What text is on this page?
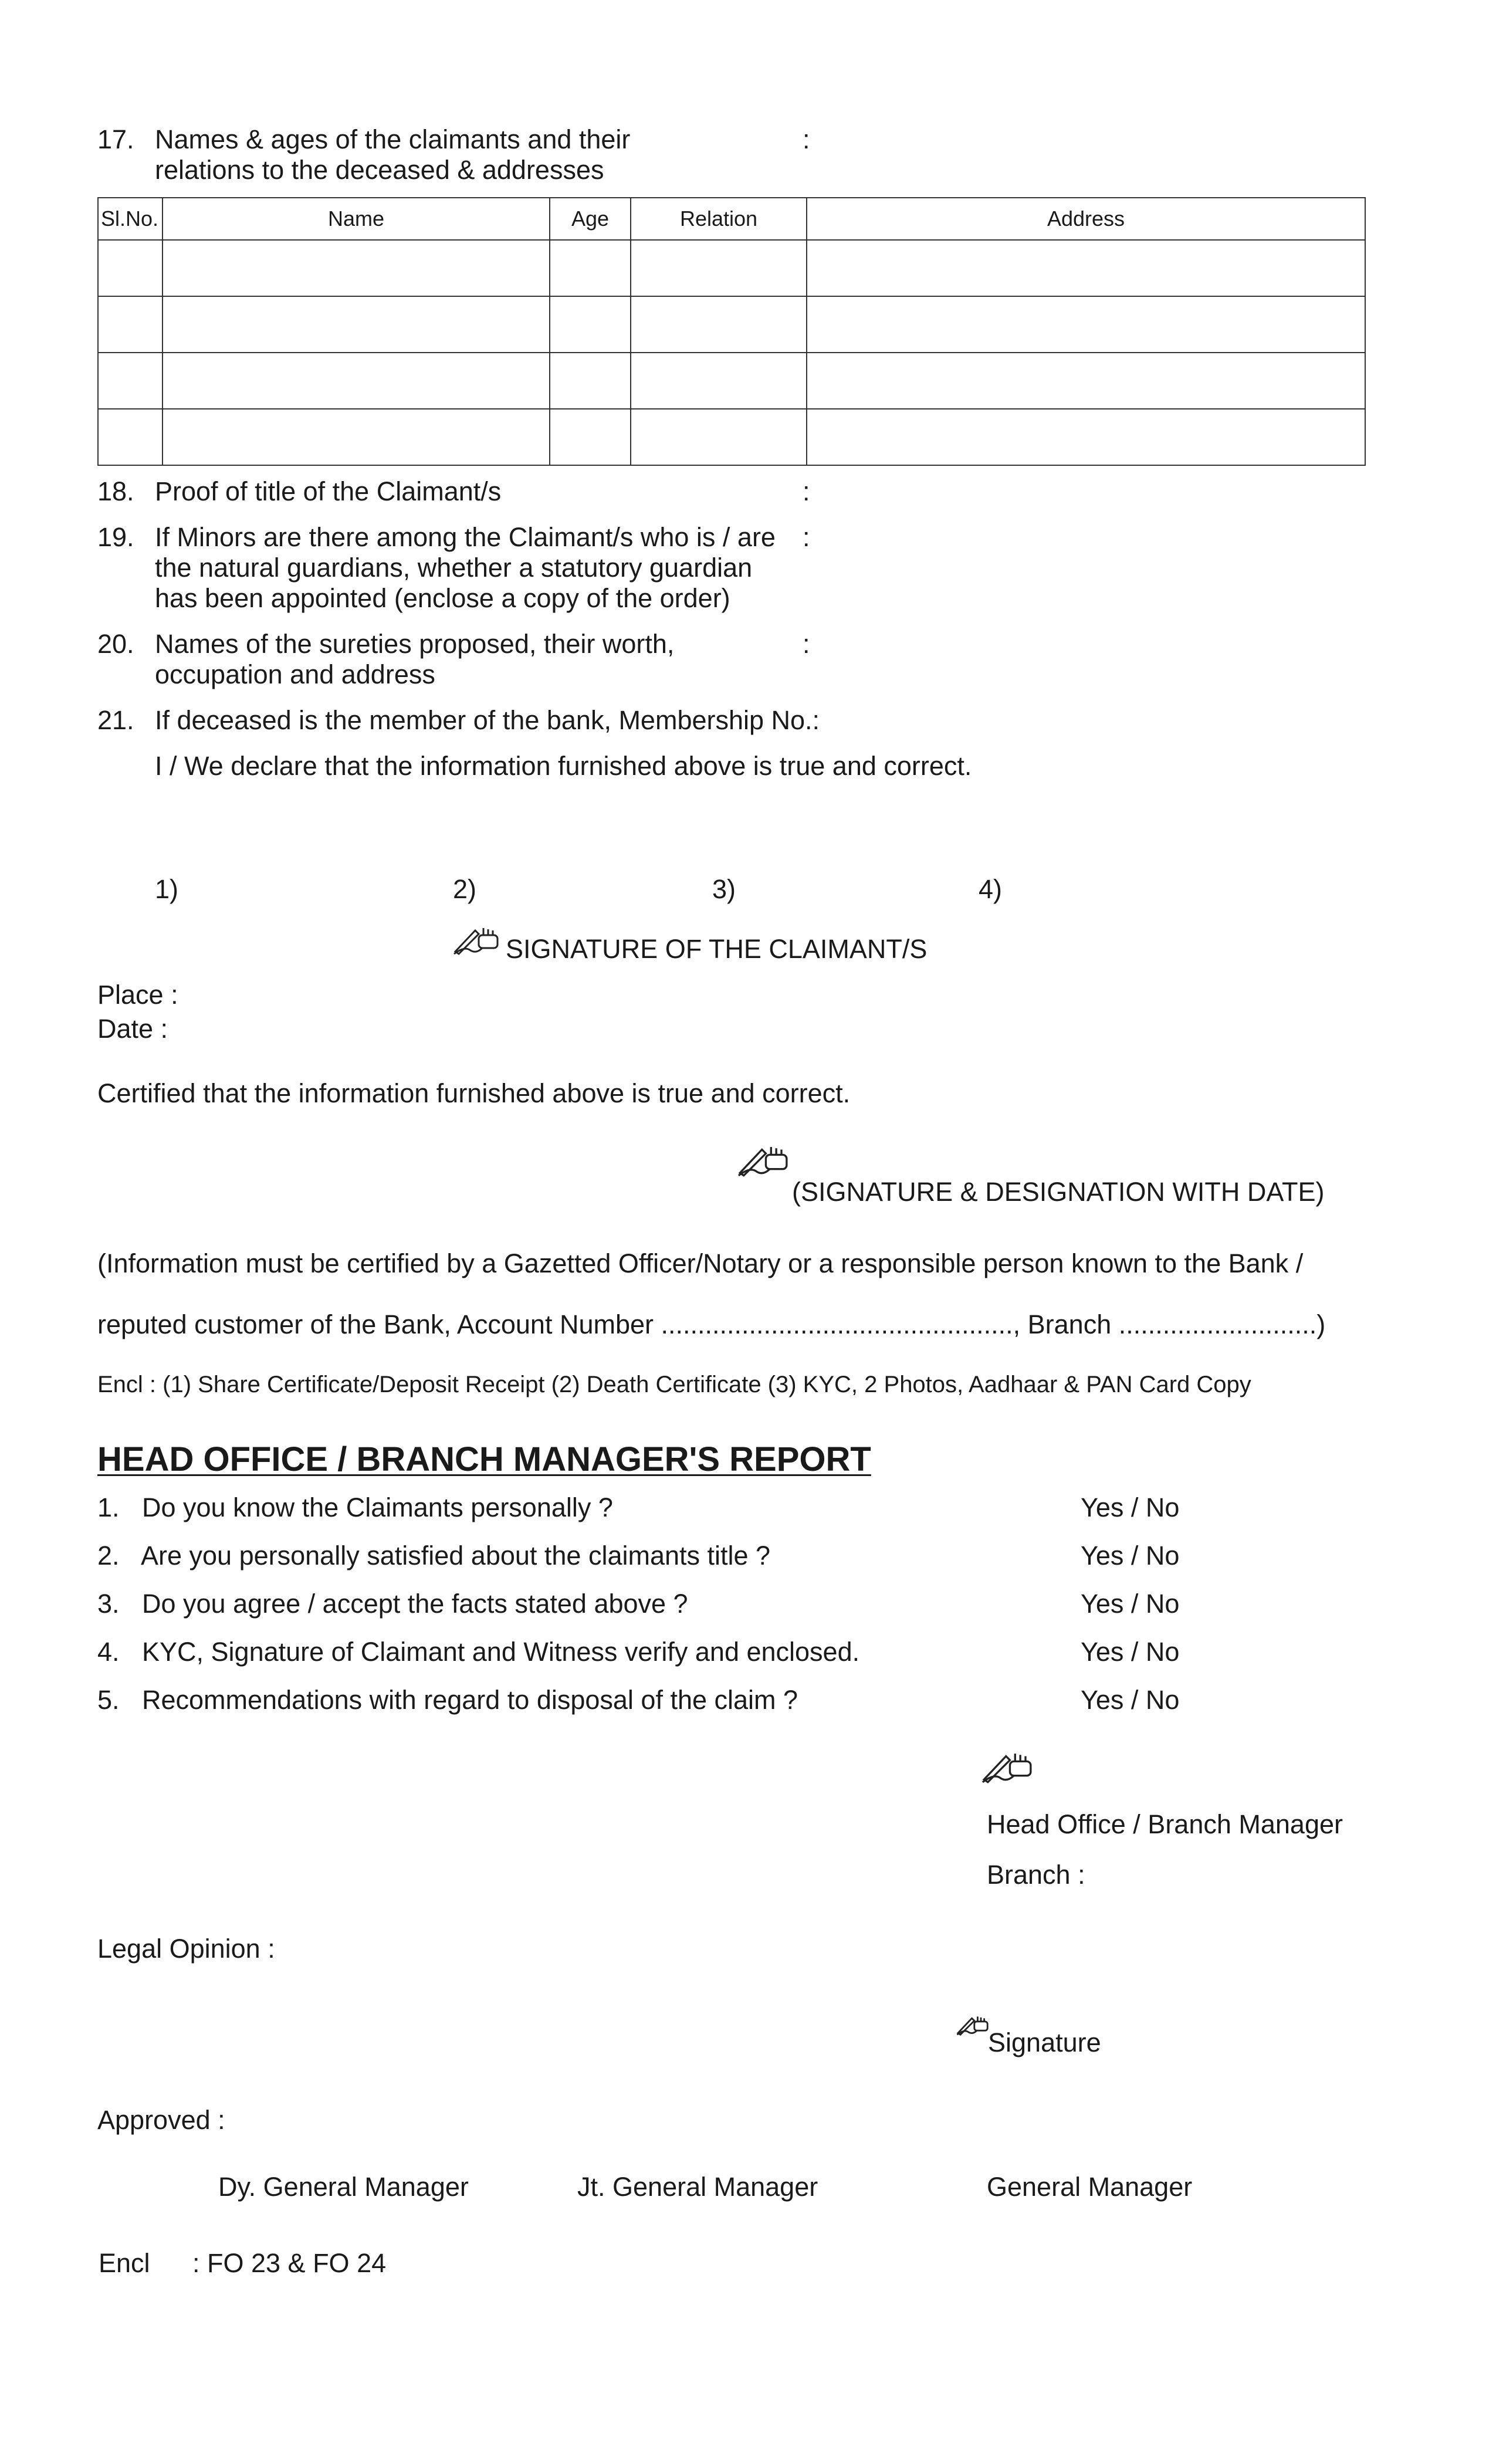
17. Names & ages of the claimants and their
relations to the deceased & addresses
:
Sl.No.	Name	Age	Relation	Address

18. Proof of title of the Claimant/s	:
19. If Minors are there among the Claimant/s who is / are
the natural guardians, whether a statutory guardian
has been appointed (enclose a copy of the order)
:
20. Names of the sureties proposed, their worth,
occupation and address
:
21. If deceased is the member of the bank, Membership No.:
I / We declare that the information furnished above is true and correct.
1)	2)	3)	4)
SIGNATURE OF THE CLAIMANT/S
Place :
Date :
Certified that the information furnished above is true and correct.
(SIGNATURE & DESIGNATION WITH DATE)
(Information must be certified by a Gazetted Officer/Notary or a responsible person known to the Bank /
reputed customer of the Bank, Account Number ................................................, Branch ...........................)
Encl : (1) Share Certificate/Deposit Receipt (2) Death Certificate (3) KYC, 2 Photos, Aadhaar & PAN Card Copy
HEAD OFFICE / BRANCH MANAGER'S REPORT
1. Do you know the Claimants personally ?	Yes / No
2. Are you personally satisfied about the claimants title ?	Yes / No
3. Do you agree / accept the facts stated above ?	Yes / No
4. KYC, Signature of Claimant and Witness verify and enclosed.	Yes / No
5. Recommendations with regard to disposal of the claim ?	Yes / No
Head Office / Branch Manager
Branch :
Legal Opinion :
Signature
Approved :
Dy. General Manager	Jt. General Manager	General Manager
Encl : FO 23 & FO 24
